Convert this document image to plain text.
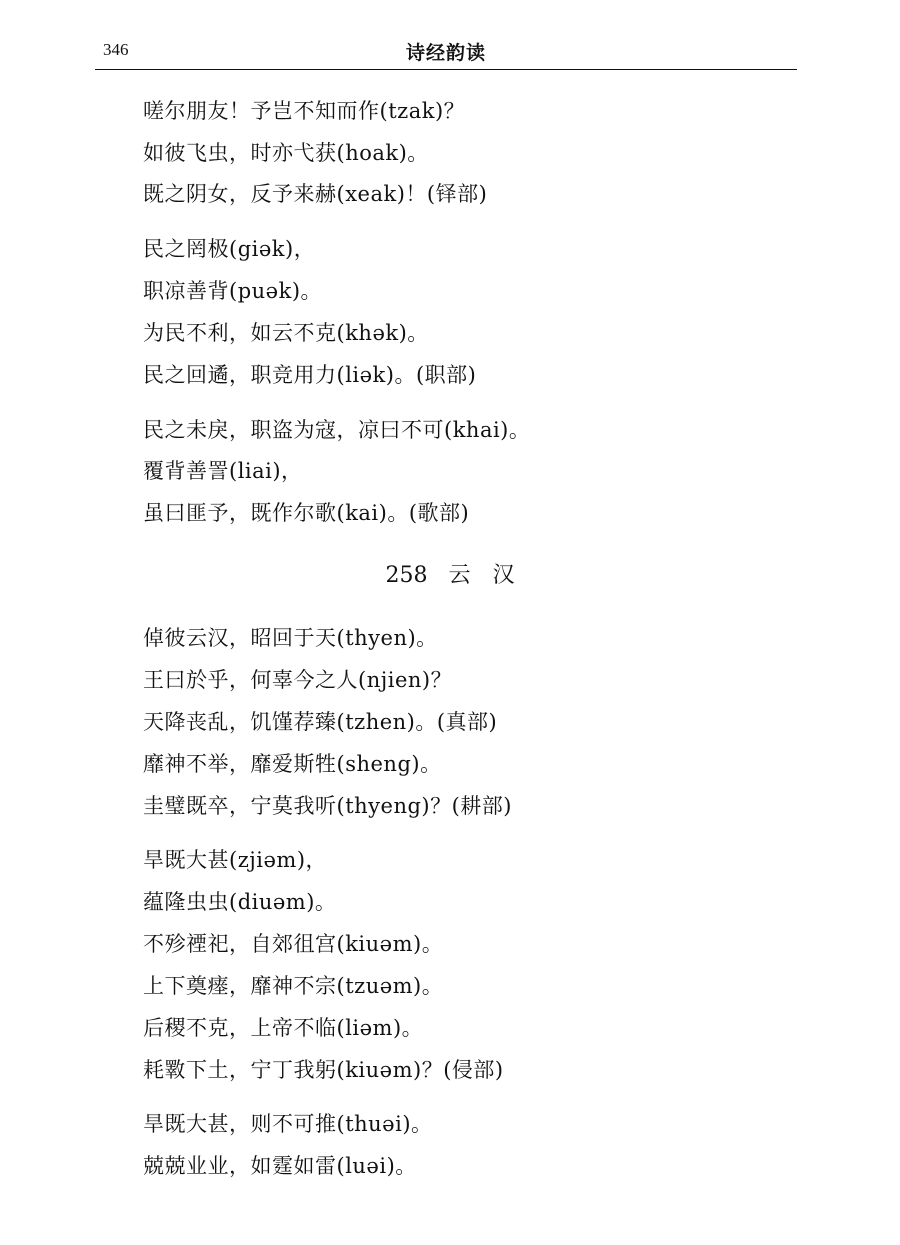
346	诗经韵读
嗟尔朋友！予岂不知而作(tzak)？
如彼飞虫，时亦弋获(hoak)。
既之阴女，反予来赫(xeak)！(铎部)
民之罔极(giək)，
职凉善背(puək)。
为民不利，如云不克(khək)。
民之回遹，职竞用力(liək)。(职部)
民之未戾，职盗为寇，凉曰不可(khai)。
覆背善詈(liai)，
虽曰匪予，既作尔歌(kai)。(歌部)
258 云　汉
倬彼云汉，昭回于天(thyen)。
王曰於乎，何辜今之人(njien)？
天降丧乱，饥馑荐臻(tzhen)。(真部)
靡神不举，靡爱斯牲(sheng)。
圭璧既卒，宁莫我听(thyeng)？(耕部)
旱既大甚(zjiəm)，
蕴隆虫虫(diuəm)。
不殄禋祀，自郊徂宫(kiuəm)。
上下奠瘗，靡神不宗(tzuəm)。
后稷不克，上帝不临(liəm)。
耗斁下土，宁丁我躬(kiuəm)？(侵部)
旱既大甚，则不可推(thuəi)。
兢兢业业，如霆如雷(luəi)。
